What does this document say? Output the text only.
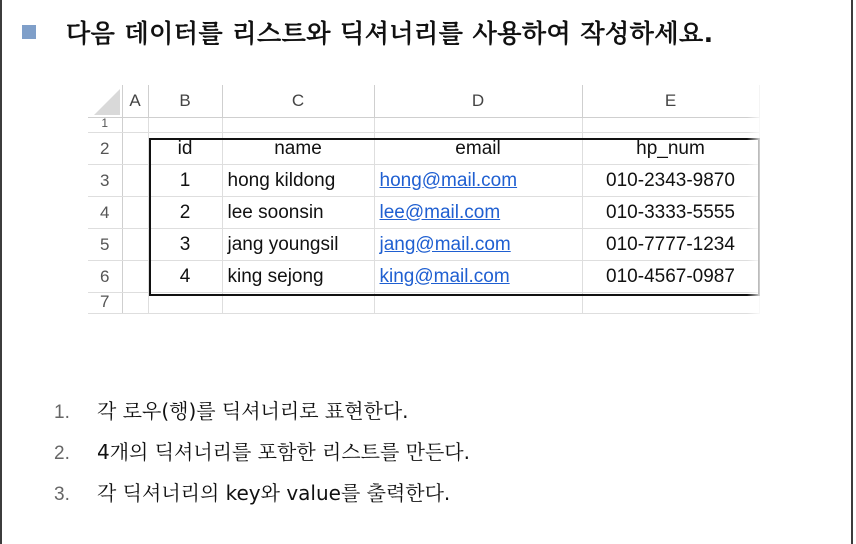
다음 데이터를 리스트와 딕셔너리를 사용하여 작성하세요.
	A	B	C	D	E
1					
2		id	name	email	hp_num
3		1	hong kildong	hong@mail.com	010-2343-9870
4		2	lee soonsin	lee@mail.com	010-3333-5555
5		3	jang youngsil	jang@mail.com	010-7777-1234
6		4	king sejong	king@mail.com	010-4567-0987
7					
1.	각 로우(행)를 딕셔너리로 표현한다.
2.	4개의 딕셔너리를 포함한 리스트를 만든다.
3.	각 딕셔너리의 key와 value를 출력한다.
